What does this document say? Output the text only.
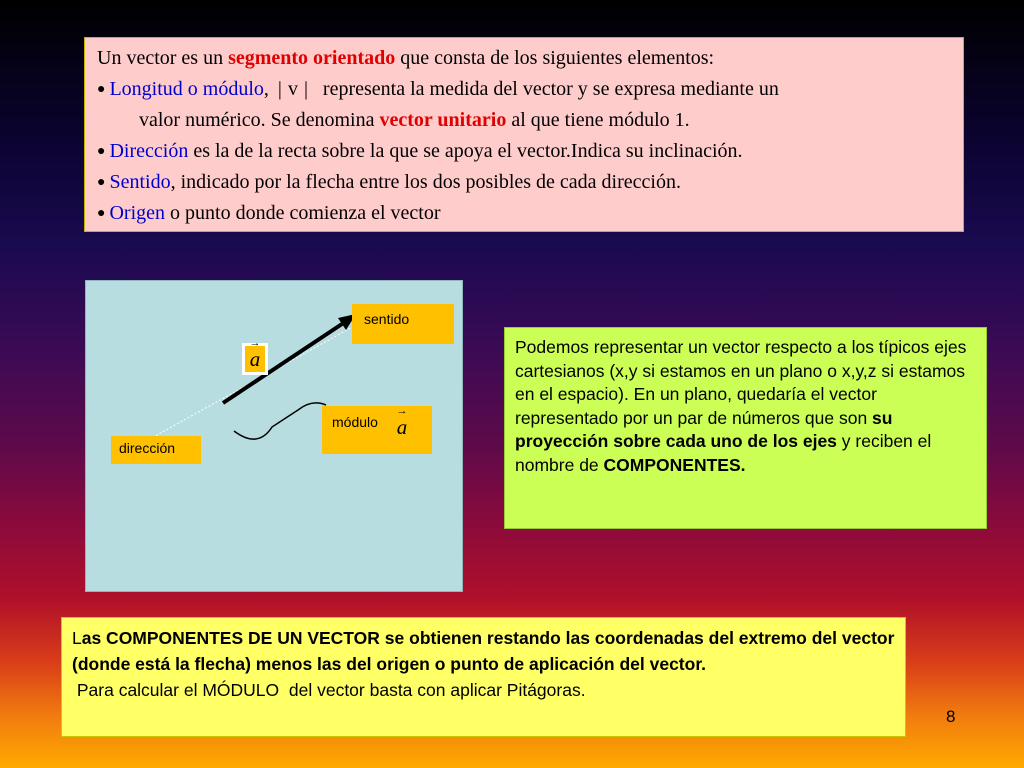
Un vector es un segmento orientado que consta de los siguientes elementos:

● Longitud o módulo, |v| representa la medida del vector y se expresa mediante un

valor numérico. Se denomina vector unitario al que tiene módulo 1.

● Dirección es la de la recta sobre la que se apoya el vector.Indica su inclinación.

● Sentido, indicado por la flecha entre los dos posibles de cada dirección.

● Origen o punto donde comienza el vector

sentido
dirección
módulo
→
a
→
a	Podemos representar un vector respecto a los típicos ejes cartesianos (x,y si estamos en un plano o x,y,z si estamos en el espacio). En un plano, quedaría el vector representado por un par de números que son su proyección sobre cada uno de los ejes y reciben el nombre de COMPONENTES.
Las COMPONENTES DE UN VECTOR se obtienen restando las coordenadas del extremo del vector (donde está la flecha) menos las del origen o punto de aplicación del vector.
Para calcular el MÓDULO  del vector basta con aplicar Pitágoras.
8
